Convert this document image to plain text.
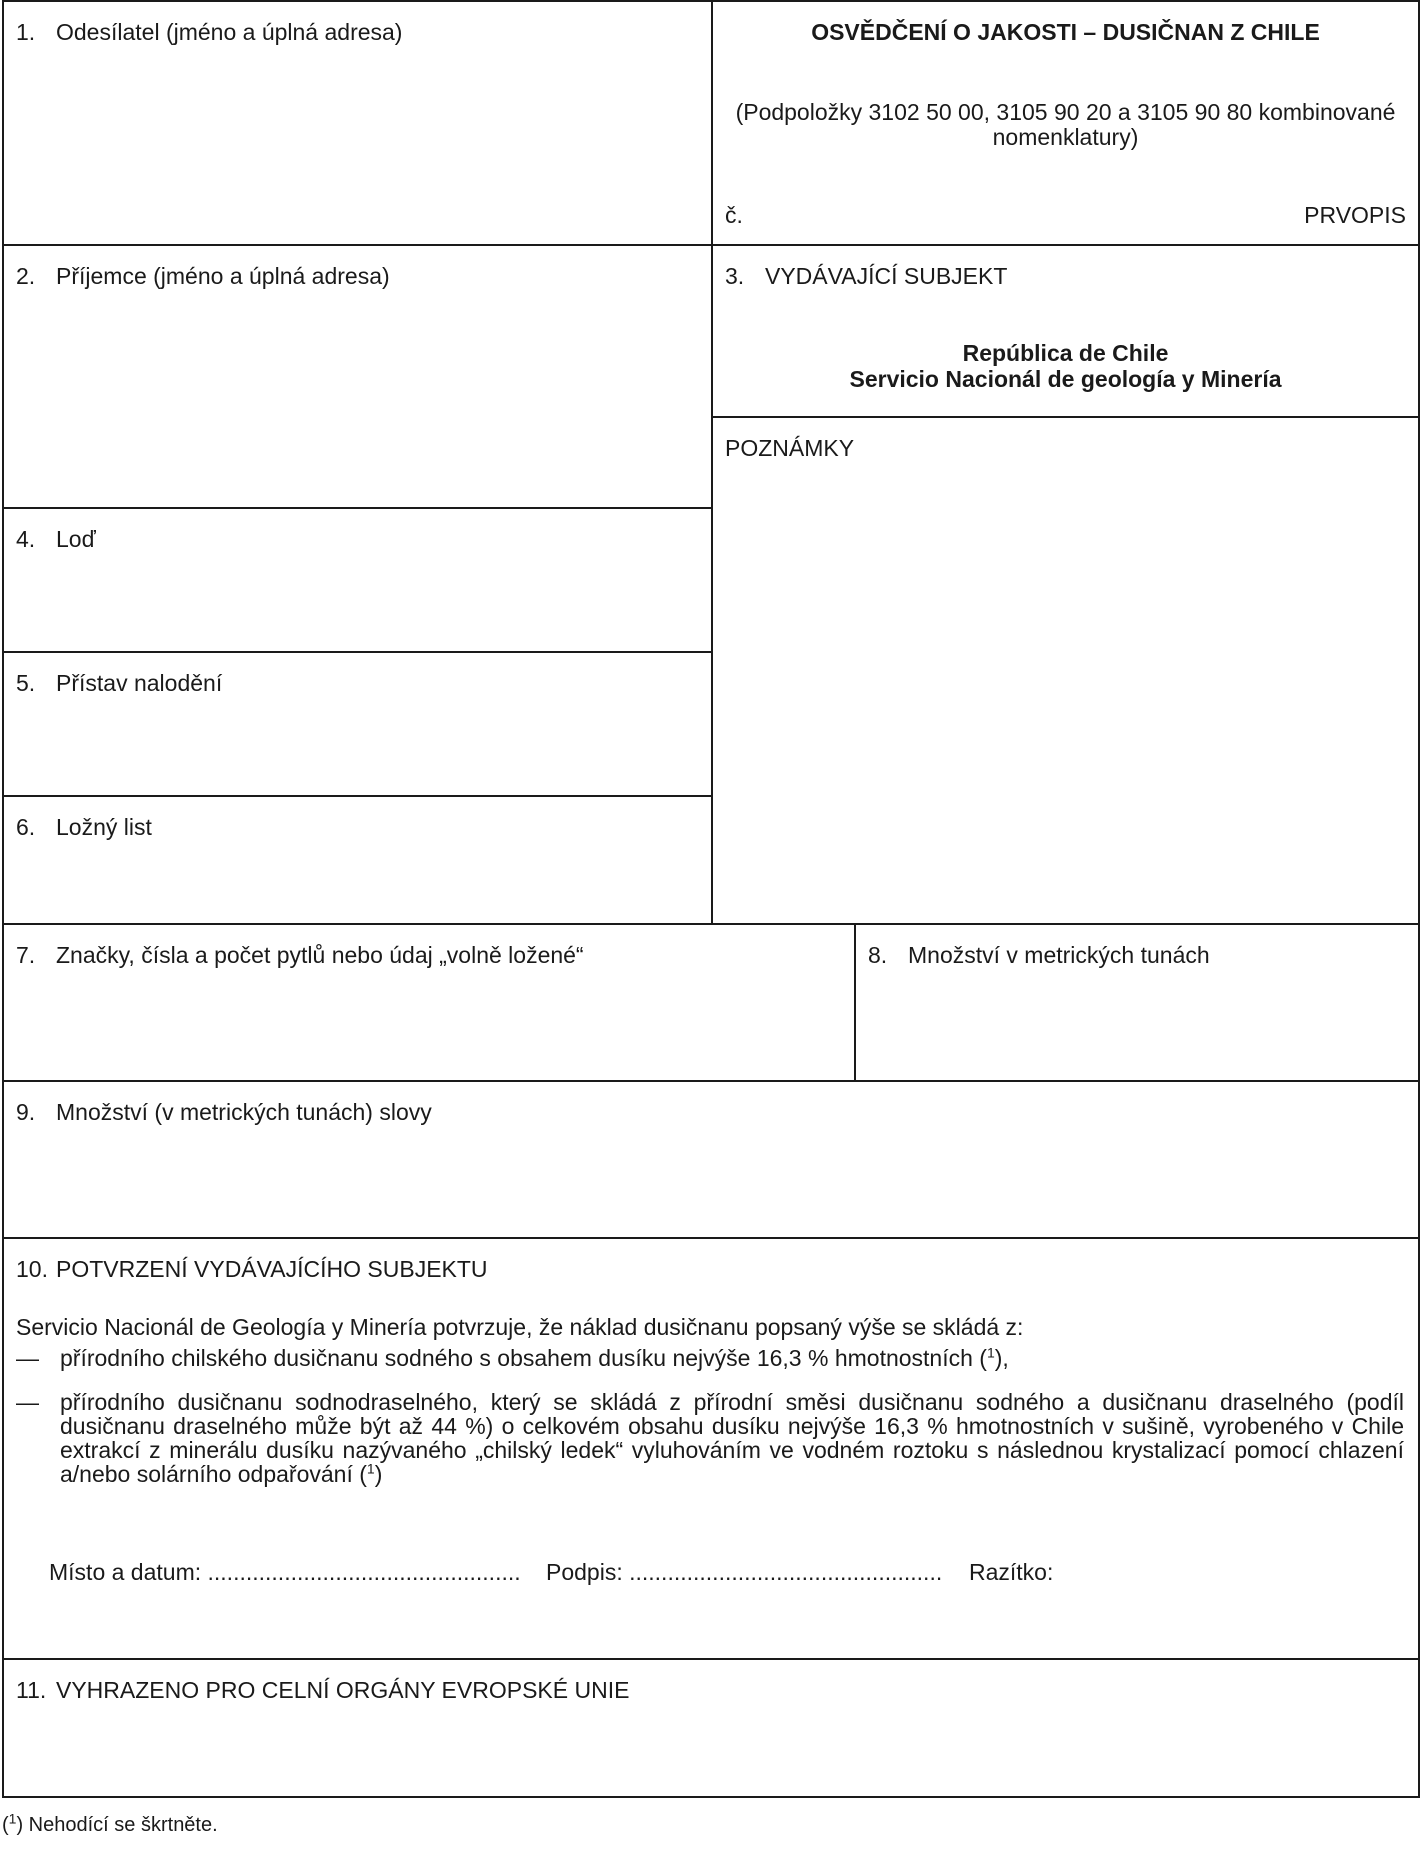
1. Odesílatel (jméno a úplná adresa)	OSVĚDČENÍ O JAKOSTI – DUSIČNAN Z CHILE
(Podpoložky 3102 50 00, 3105 90 20 a 3105 90 80 kombinované
nomenklatury)
č.	PRVOPIS
2. Příjemce (jméno a úplná adresa)	3. VYDÁVAJÍCÍ SUBJEKT
República de Chile
Servicio Nacionál de geología y Minería
POZNÁMKY
4. Loď
5. Přístav nalodění
6. Ložný list
7. Značky, čísla a počet pytlů nebo údaj „volně ložené“	8. Množství v metrických tunách
9. Množství (v metrických tunách) slovy
10. POTVRZENÍ VYDÁVAJÍCÍHO SUBJEKTU
Servicio Nacionál de Geología y Minería potvrzuje, že náklad dusičnanu popsaný výše se skládá z:
— přírodního chilského dusičnanu sodného s obsahem dusíku nejvýše 16,3 % hmotnostních ($^1$),
— přírodního dusičnanu sodnodraselného, který se skládá z přírodní směsi dusičnanu sodného a dusičnanu draselného (podíl dusičnanu draselného může být až 44 %) o celkovém obsahu dusíku nejvýše 16,3 % hmotnostních v sušině, vyrobeného v Chile extrakcí z minerálu dusíku nazývaného „chilský ledek“ vyluhováním ve vodném roztoku s následnou krystalizací pomocí chlazení a/nebo solárního odpařování ($^1$)
Místo a datum: ................................................. Podpis: ................................................. Razítko:
11. VYHRAZENO PRO CELNÍ ORGÁNY EVROPSKÉ UNIE
($^1$) Nehodící se škrtněte.
